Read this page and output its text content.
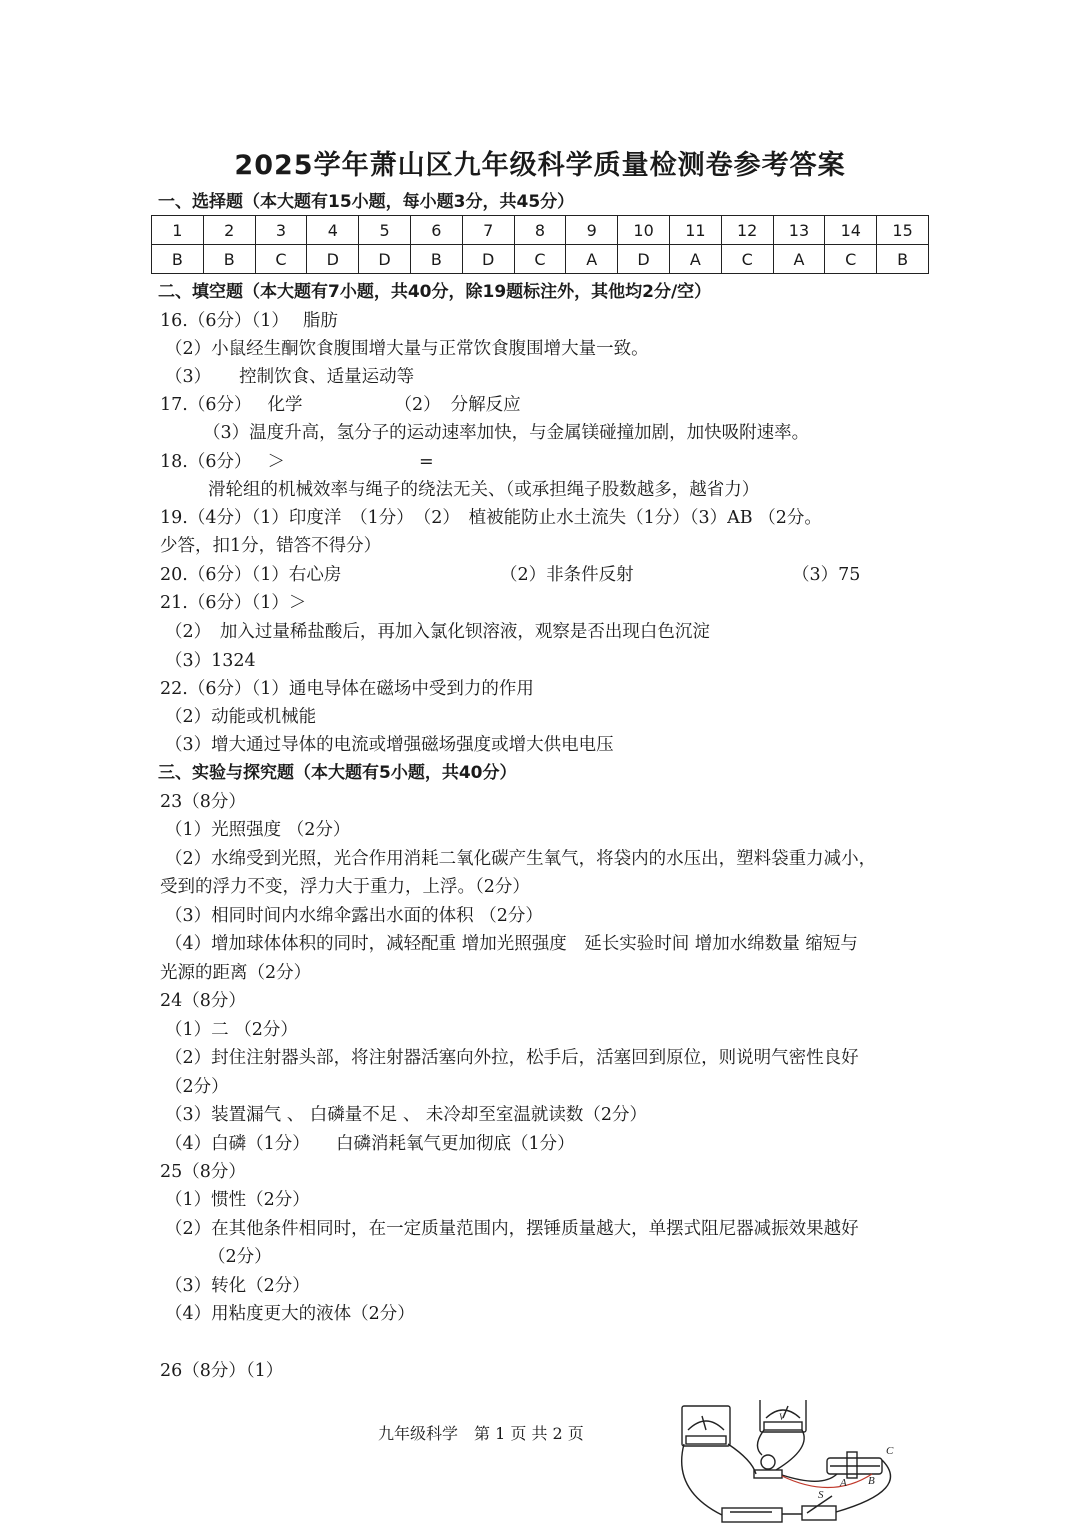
2025学年萧山区九年级科学质量检测卷参考答案
一、选择题（本大题有15小题，每小题3分，共45分）
1	2	3	4	5	6	7	8	9	10	11	12	13	14	15
B	B	C	D	D	B	D	C	A	D	A	C	A	C	B
二、填空题（本大题有7小题，共40分，除19题标注外，其他均2分/空）
16.（6分）（1） 脂肪
（2）小鼠经生酮饮食腹围增大量与正常饮食腹围增大量一致。
（3） 控制饮食、适量运动等
17.（6分） 化学	（2） 分解反应
（3）温度升高，氢分子的运动速率加快，与金属镁碰撞加剧，加快吸附速率。
18.（6分） ＞	=
滑轮组的机械效率与绳子的绕法无关、（或承担绳子股数越多，越省力）
19.（4分）（1）印度洋　（1分）　（2）　植被能防止水土流失（1分）（3）AB （2分。
少答，扣1分，错答不得分）
20.（6分）（1）右心房	（2）非条件反射	（3）75
21.（6分）（1）＞
（2）　加入过量稀盐酸后，再加入氯化钡溶液，观察是否出现白色沉淀
（3）1324
22.（6分）（1）通电导体在磁场中受到力的作用
（2）动能或机械能
（3）增大通过导体的电流或增强磁场强度或增大供电电压
三、实验与探究题（本大题有5小题，共40分）
23（8分）
（1）光照强度 （2分）
（2）水绵受到光照，光合作用消耗二氧化碳产生氧气，将袋内的水压出，塑料袋重力减小，
受到的浮力不变，浮力大于重力，上浮。（2分）
（3）相同时间内水绵伞露出水面的体积 （2分）
（4）增加球体体积的同时，减轻配重 增加光照强度　延长实验时间 增加水绵数量 缩短与
光源的距离（2分）
24（8分）
（1）二 （2分）
（2）封住注射器头部，将注射器活塞向外拉，松手后，活塞回到原位，则说明气密性良好
（2分）
（3）装置漏气 、 白磷量不足 、 未冷却至室温就读数（2分）
（4）白磷（1分）　　白磷消耗氧气更加彻底（1分）
25（8分）
（1）惯性（2分）
（2）在其他条件相同时，在一定质量范围内，摆锤质量越大，单摆式阻尼器减振效果越好
（2分）
（3）转化（2分）
（4）用粘度更大的液体（2分）
26（8分）（1）
C
A B
S
V
九年级科学　第 1 页 共 2 页
